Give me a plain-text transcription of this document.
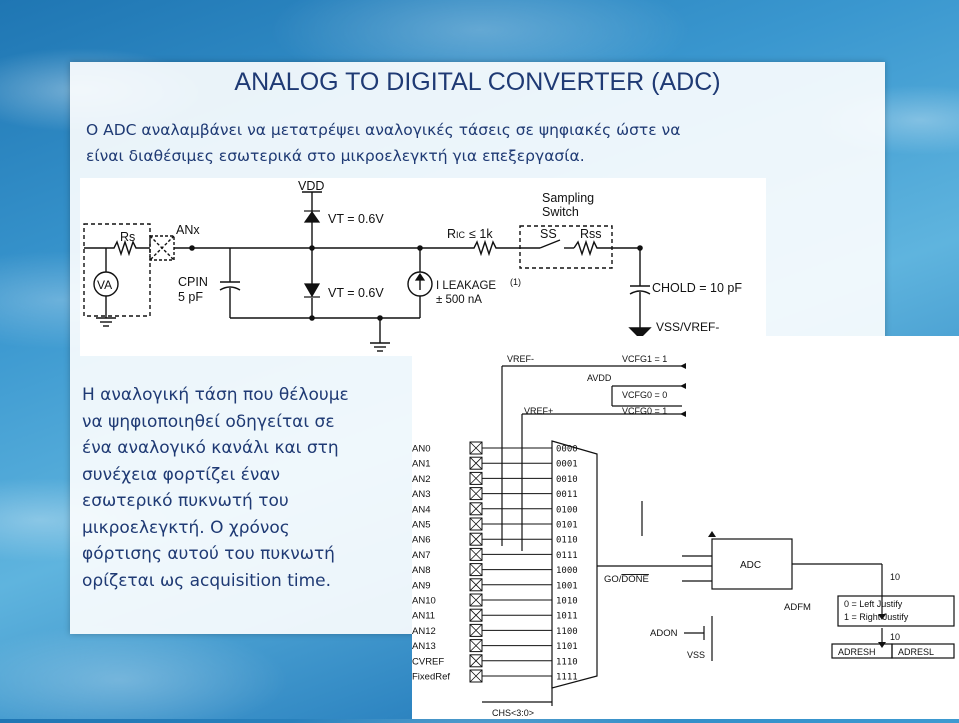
ANALOG TO DIGITAL CONVERTER (ADC)
Ο ADC αναλαμβάνει να μετατρέψει αναλογικές τάσεις σε ψηφιακές ώστε να
είναι διαθέσιμες εσωτερικά στο μικροελεγκτή για επεξεργασία.
VDD
Rs	ANx
VA	CPIN
5 pF
VT = 0.6V
VT = 0.6V
RIC ≤ 1k
Sampling
Switch
SS Rss
I LEAKAGE (1)
± 500 nA
CHOLD = 10 pF
VSS/VREF-
AN0	0000
AN1	0001
AN2	0010
AN3	0011
AN4	0100
AN5	0101
AN6	0110
AN7	0111
AN8	1000
AN9	1001
AN10	1010
AN11	1011
AN12	1100
AN13	1101
CVREF	1110
FixedRef	1111
VREF-	VCFG1 = 1
AVDD
VCFG0 = 0
VREF+	VCFG0 = 1
ADC
GO/DONE	10
ADFM	0 = Left Justify
1 = Right Justify
10
ADON
VSS	ADRESH ADRESL
CHS<3:0>
Η αναλογική τάση που θέλουμε
να ψηφιοποιηθεί οδηγείται σε
ένα αναλογικό κανάλι και στη
συνέχεια φορτίζει έναν
εσωτερικό πυκνωτή του
μικροελεγκτή. Ο χρόνος
φόρτισης αυτού του πυκνωτή
ορίζεται ως acquisition time.
